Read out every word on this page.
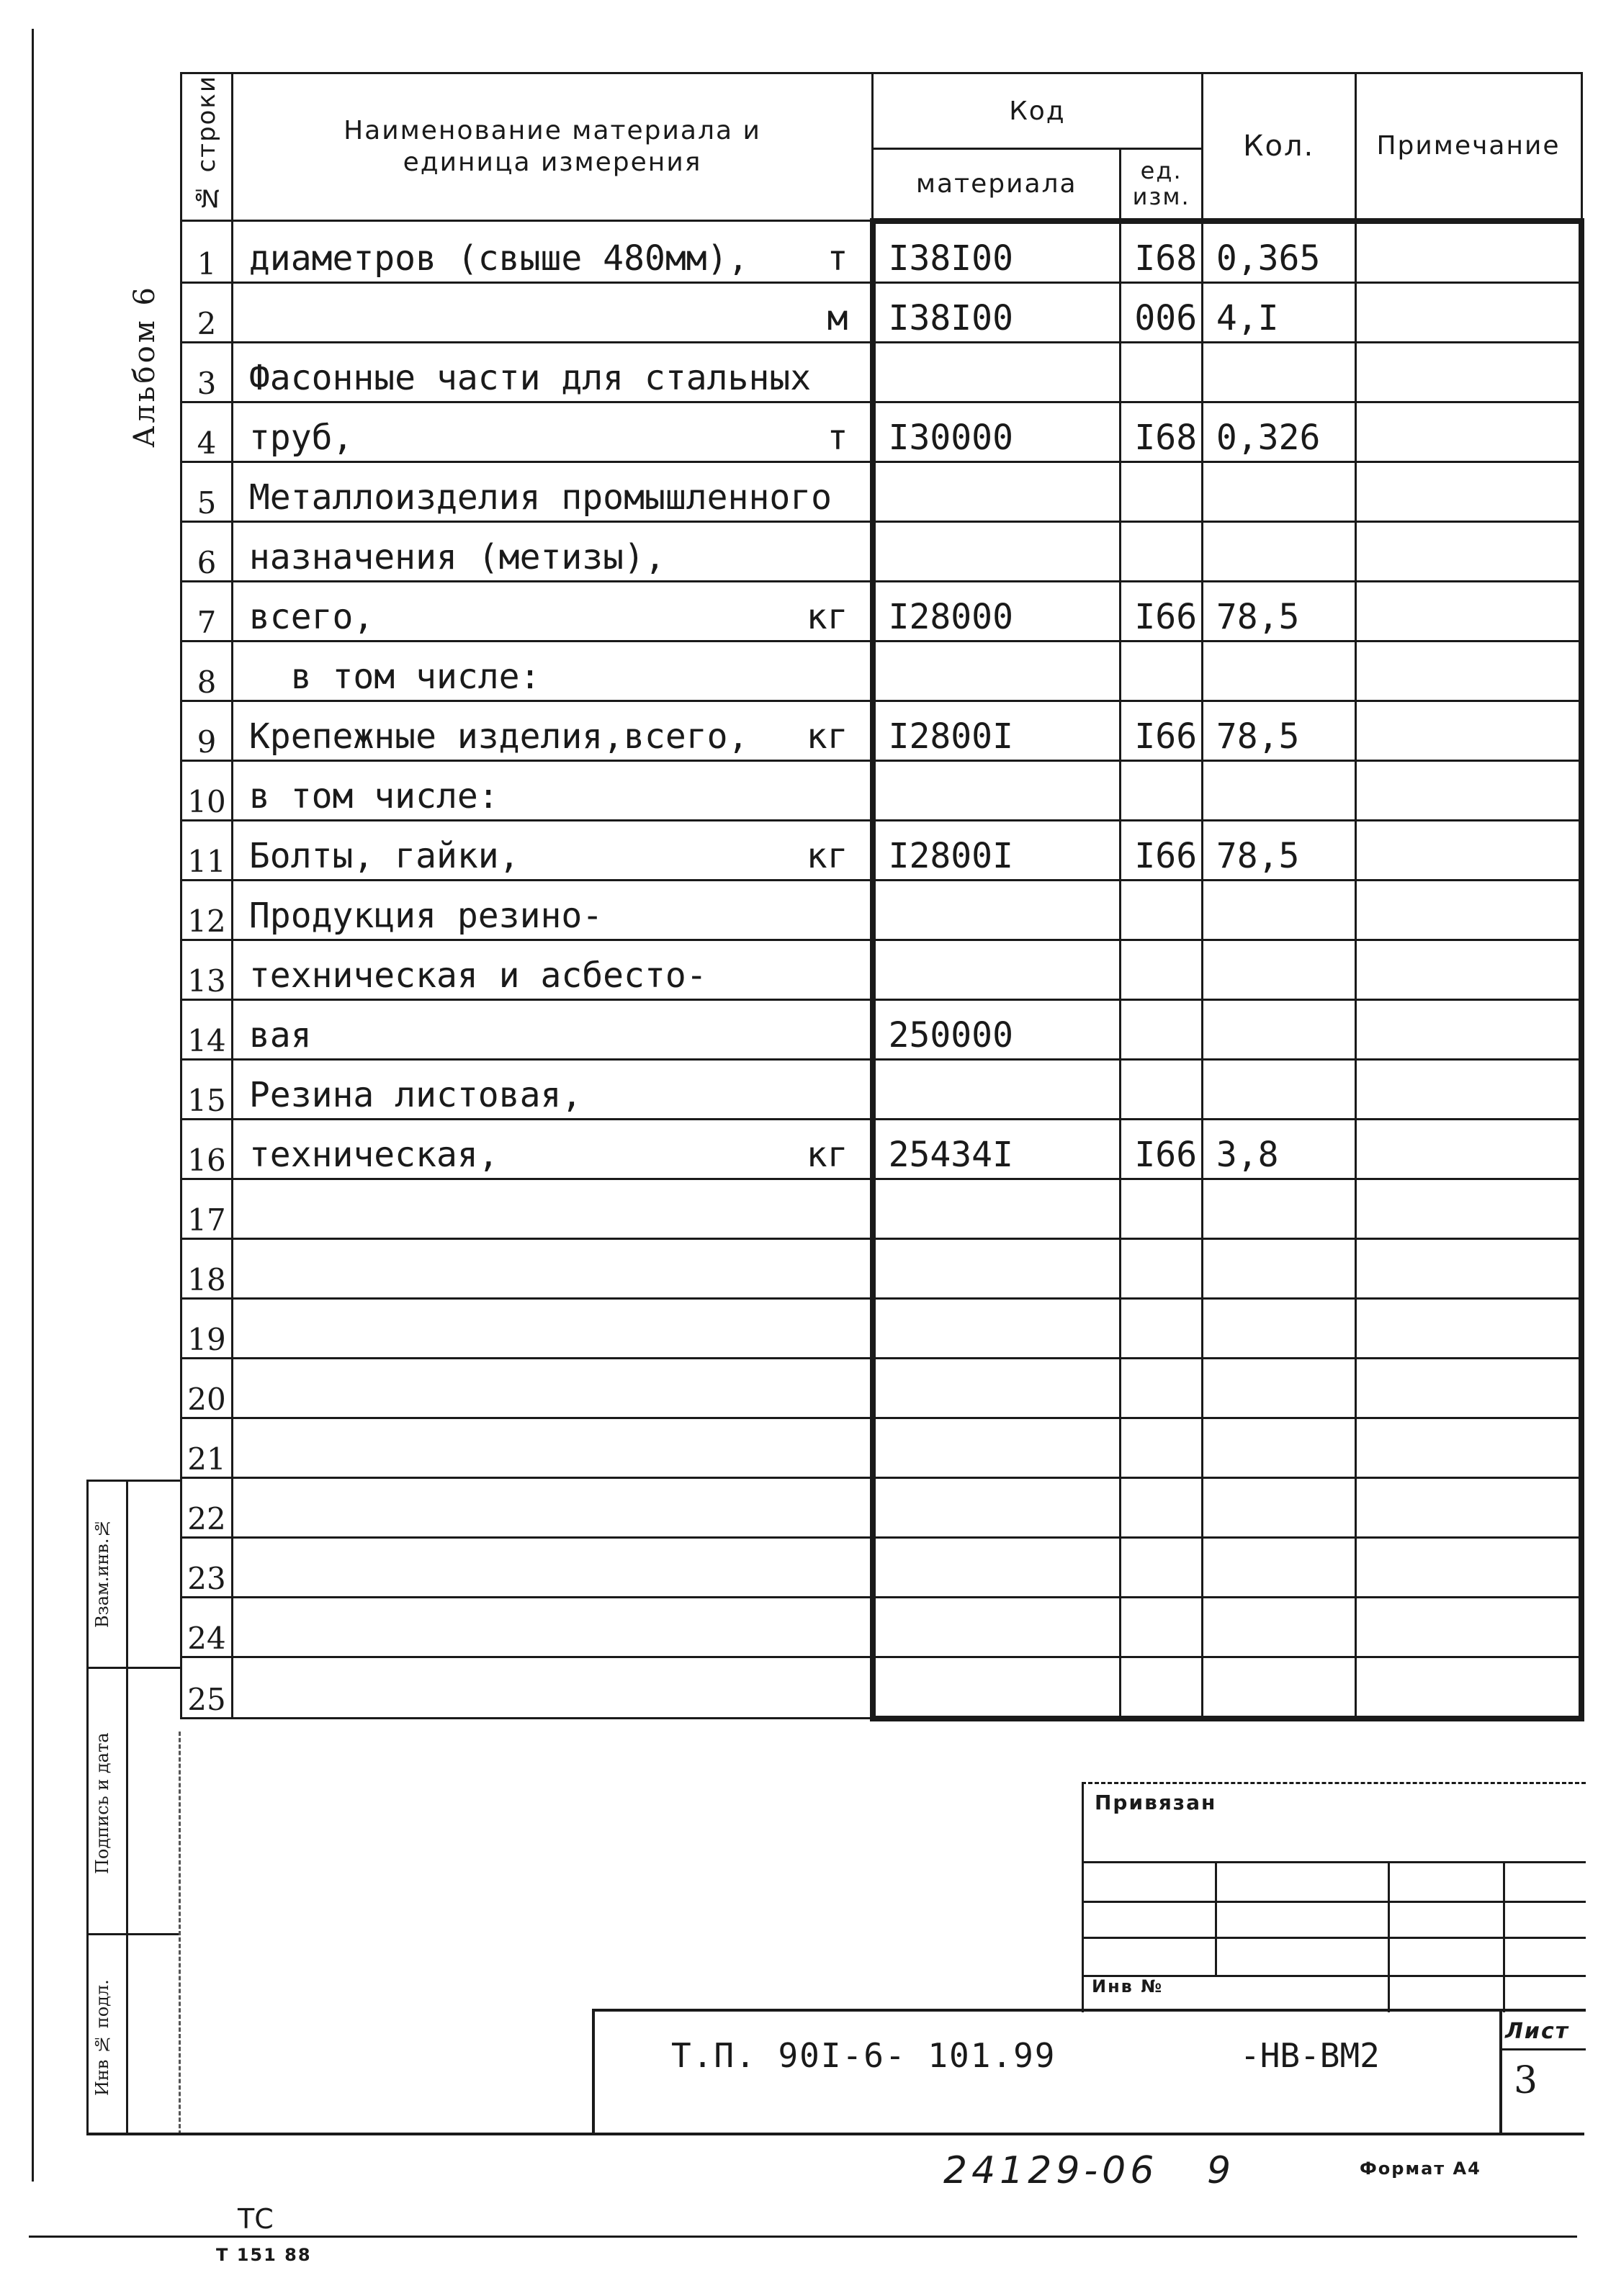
Альбом 6
№ строки	Наименование материала и единица измерения	Код		Кол.	Примечание
		материала	ед. изм.		
1	диаметров (свыше 480мм), т	I38I00	I68	0,365	
2	м	I38I00	006	4,I	
3	Фасонные части для стальных

4	труб, т	I30000	I68	0,326	
5	Металлоизделия промышленного

6	назначения (метизы),

7	всего, кг	I28000	I66	78,5	
8	в том числе:

9	Крепежные изделия,всего, кг	I2800I	I66	78,5	
10	в том числе:

11	Болты, гайки, кг	I2800I	I66	78,5	
12	Продукция резино-

13	техническая и асбесто-

14	вая	250000			
15	Резина листовая,

16	техническая, кг	25434I	I66	3,8	
17	

18	

19	

20	

21	

22	

23	

24	

25	

Взам.инв.№
Подпись и дата
Инв № подл.
Привязан
Инв №
Т.П. 90I-6- 101.99	-НВ-ВМ2
Лист
3
24129-06   9	Формат А4
ТС
Т 151 88
